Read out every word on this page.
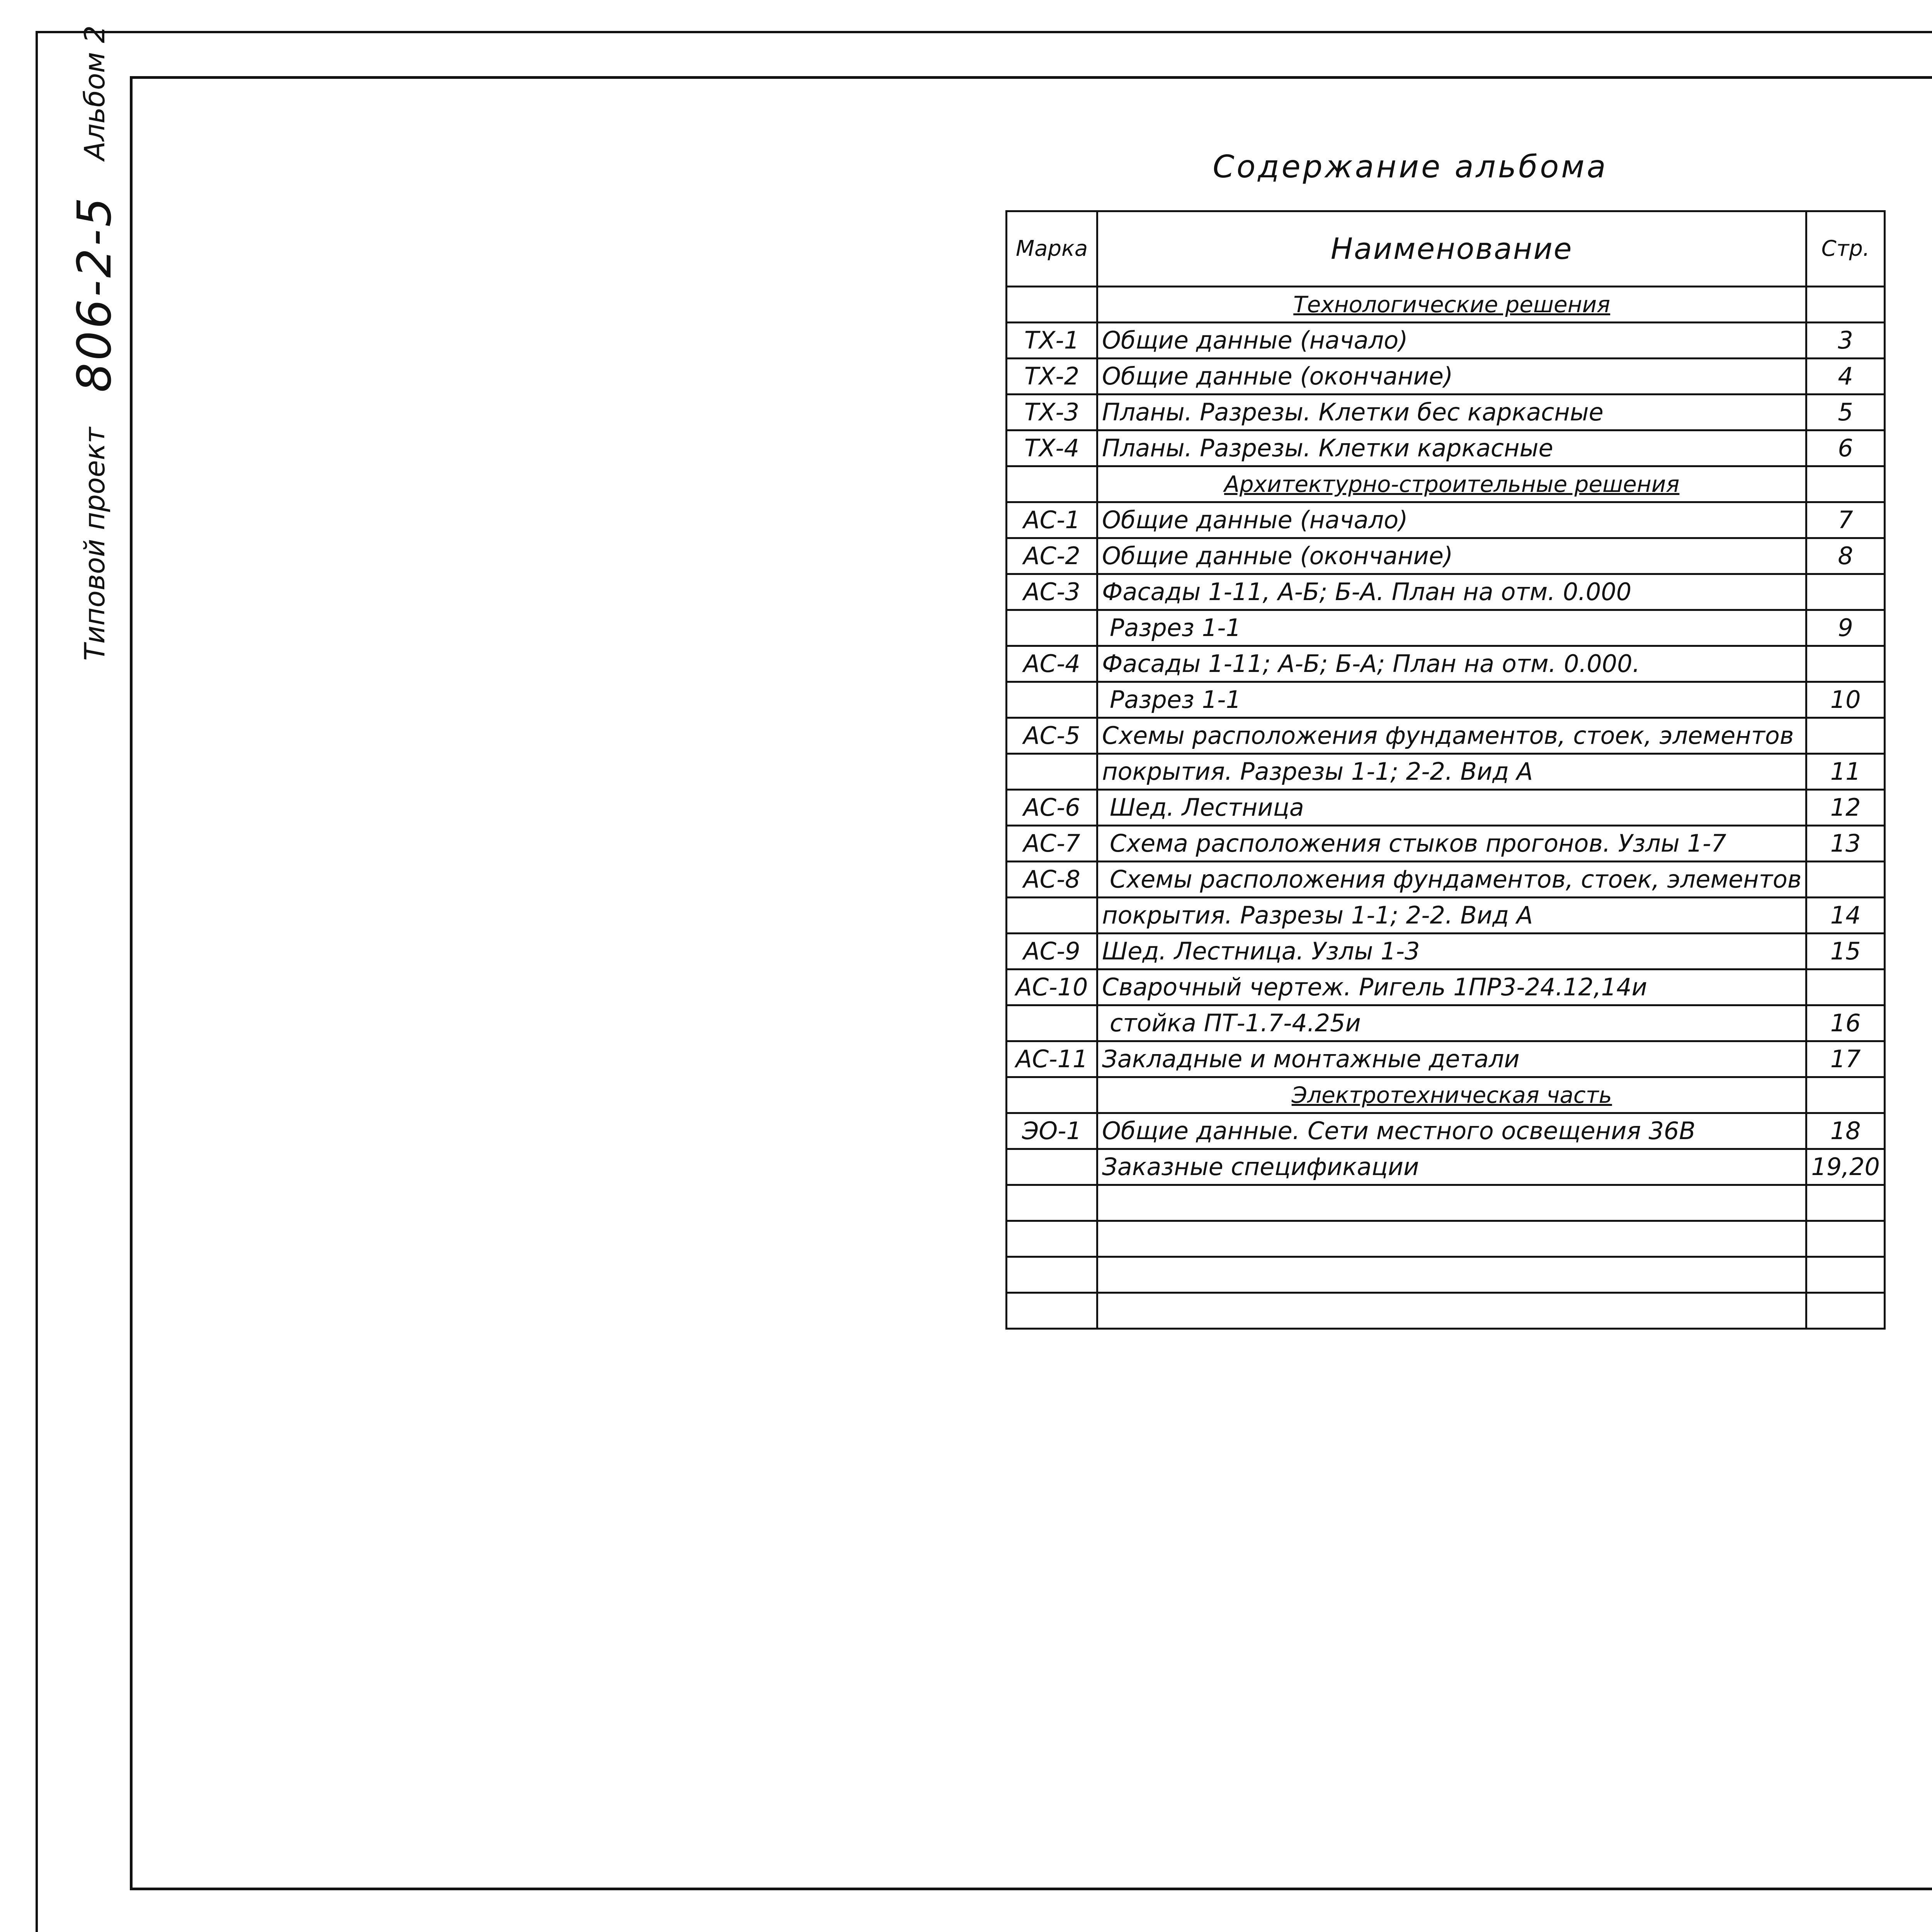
Типовой проект
806-2-5
Альбом 2
Содержание альбома
Марка	Наименование	Стр.
	Технологические решения	
ТХ-1	Общие данные (начало)	3
ТХ-2	Общие данные (окончание)	4
ТХ-3	Планы. Разрезы. Клетки бес каркасные	5
ТХ-4	Планы. Разрезы. Клетки каркасные	6
	Архитектурно-строительные решения	
АС-1	Общие данные (начало)	7
АС-2	Общие данные (окончание)	8
АС-3	Фасады 1-11, А-Б; Б-А. План на отм. 0.000	
	Разрез 1-1	9
АС-4	Фасады 1-11; А-Б; Б-А; План на отм. 0.000.	
	Разрез 1-1	10
АС-5	Схемы расположения фундаментов, стоек, элементов	
	покрытия. Разрезы 1-1; 2-2. Вид А	11
АС-6	Шед. Лестница	12
АС-7	Схема расположения стыков прогонов. Узлы 1-7	13
АС-8	Схемы расположения фундаментов, стоек, элементов	
	покрытия. Разрезы 1-1; 2-2. Вид А	14
АС-9	Шед. Лестница. Узлы 1-3	15
АС-10	Сварочный чертеж. Ригель 1ПР3-24.12,14и	
	стойка ПТ-1.7-4.25и	16
АС-11	Закладные и монтажные детали	17
	Электротехническая часть	
ЭО-1	Общие данные. Сети местного освещения 36В	18
	Заказные спецификации	19,20
